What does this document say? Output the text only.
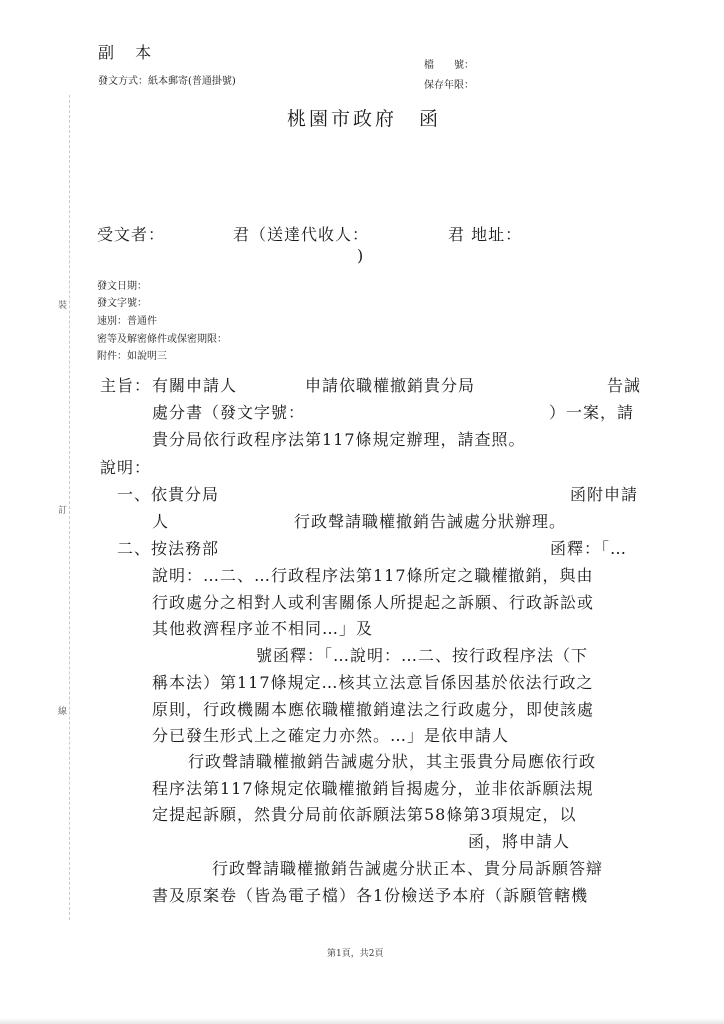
裝
訂
線
副 本
發文方式：紙本郵寄(普通掛號)
檔　　號：
保存年限：
桃園市政府　函
受文者：	君（送達代收人：	君 地址：
)
發文日期：
發文字號：
速別：普通件
密等及解密條件或保密期限：
附件：如說明三
主旨： 有關申請人	申請依職權撤銷貴分局	告誡
處分書（發文字號：	）一案，請
貴分局依行政程序法第117條規定辦理，請查照。
說明：
一、依貴分局	函附申請
人	行政聲請職權撤銷告誡處分狀辦理。
二、按法務部	函釋：「…
說明：…二、…行政程序法第117條所定之職權撤銷，與由
行政處分之相對人或利害關係人所提起之訴願、行政訴訟或
其他救濟程序並不相同…」及
號函釋：「…說明：…二、按行政程序法（下
稱本法）第117條規定…核其立法意旨係因基於依法行政之
原則，行政機關本應依職權撤銷違法之行政處分，即使該處
分已發生形式上之確定力亦然。…」是依申請人
行政聲請職權撤銷告誡處分狀，其主張貴分局應依行政
程序法第117條規定依職權撤銷旨揭處分，並非依訴願法規
定提起訴願，然貴分局前依訴願法第58條第3項規定，以
函，將申請人
行政聲請職權撤銷告誡處分狀正本、貴分局訴願答辯
書及原案卷（皆為電子檔）各1份檢送予本府（訴願管轄機
第1頁，共2頁
